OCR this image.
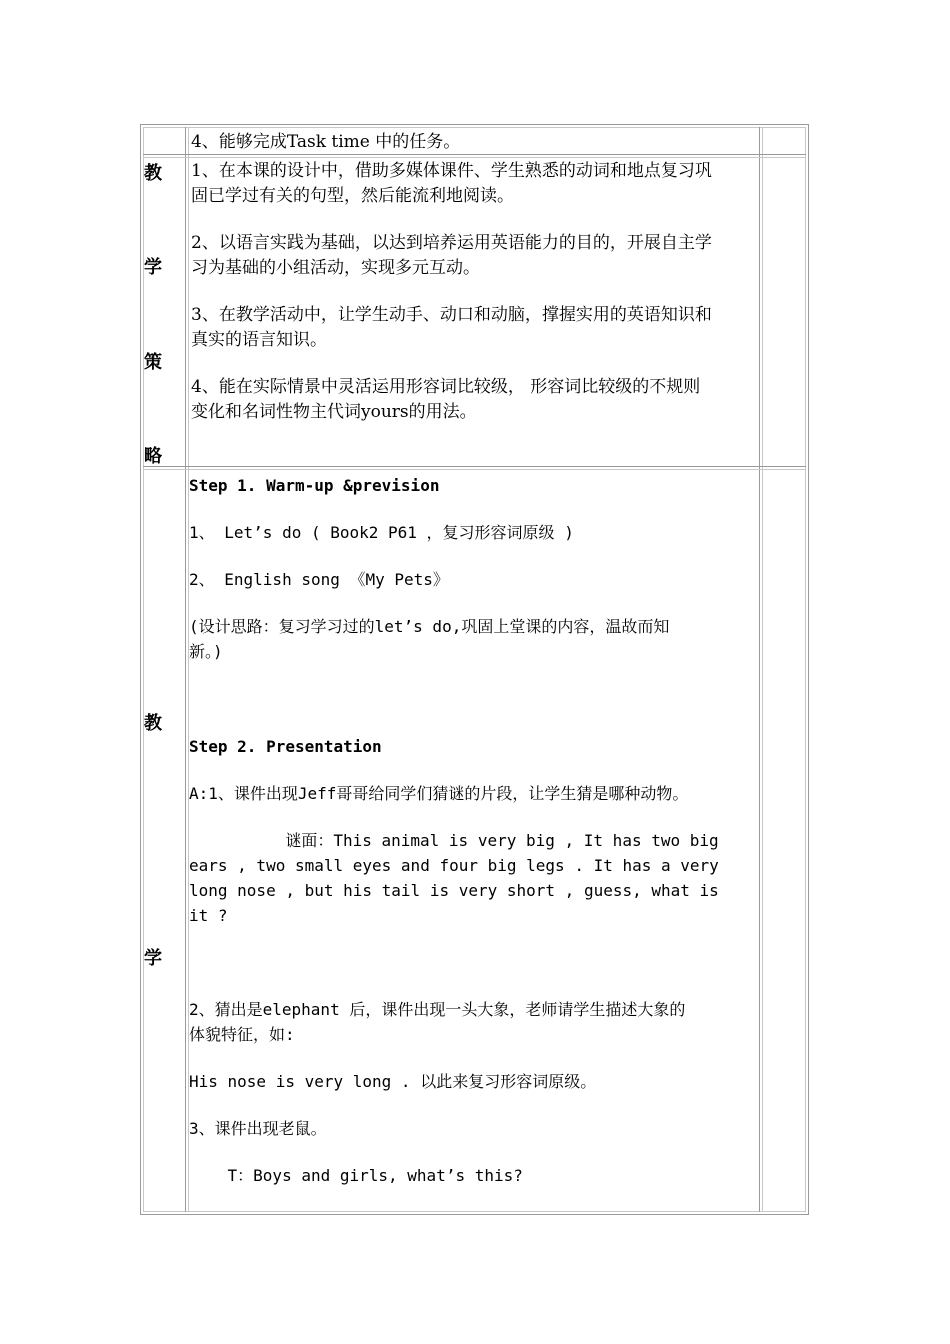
4、能够完成Task time 中的任务。
教
学
策
略
1、在本课的设计中，借助多媒体课件、学生熟悉的动词和地点复习巩
固已学过有关的句型，然后能流利地阅读。
2、以语言实践为基础，以达到培养运用英语能力的目的，开展自主学
习为基础的小组活动，实现多元互动。
3、在教学活动中，让学生动手、动口和动脑，撑握实用的英语知识和
真实的语言知识。
4、能在实际情景中灵活运用形容词比较级， 形容词比较级的不规则
变化和名词性物主代词yours的用法。
教
学
Step 1. Warm-up &prevision
1、 Let’s do ( Book2 P61 ，复习形容词原级 )
2、 English song 《My Pets》
(设计思路：复习学习过的let’s do,巩固上堂课的内容，温故而知
新。)
Step 2. Presentation
A:1、课件出现Jeff哥哥给同学们猜谜的片段，让学生猜是哪种动物。
谜面：This animal is very big , It has two big
ears , two small eyes and four big legs . It has a very
long nose , but his tail is very short , guess, what is
it ?
2、猜出是elephant 后，课件出现一头大象，老师请学生描述大象的
体貌特征，如:
His nose is very long . 以此来复习形容词原级。
3、课件出现老鼠。
T：Boys and girls, what’s this?
